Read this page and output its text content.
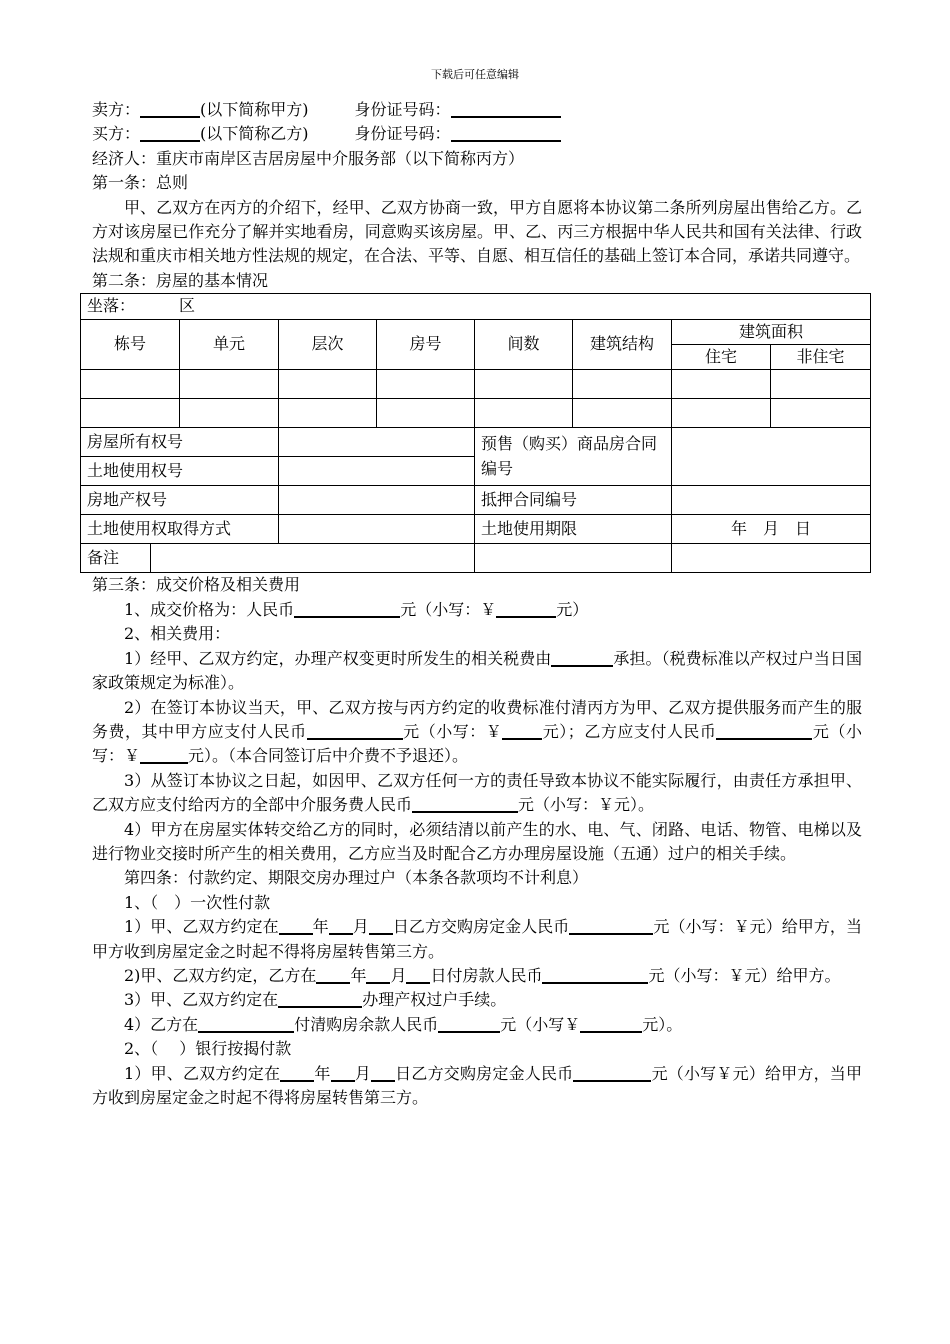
下载后可任意编辑
卖方：	(以下简称甲方)	身份证号码：
买方：	(以下简称乙方)	身份证号码：
经济人：重庆市南岸区吉居房屋中介服务部（以下简称丙方）
第一条：总则
甲、乙双方在丙方的介绍下，经甲、乙双方协商一致，甲方自愿将本协议第二条所列房屋出售给乙方。乙方对该房屋已作充分了解并实地看房，同意购买该房屋。甲、乙、丙三方根据中华人民共和国有关法律、行政法规和重庆市相关地方性法规的规定，在合法、平等、自愿、相互信任的基础上签订本合同，承诺共同遵守。
第二条：房屋的基本情况
坐落： 区								
栋号		单元	层次	房号	间数	建筑结构	建筑面积	
							住宅	非住宅

房屋所有权号					预售（购买）商品房合同编号			
土地使用权号								
房地产权号					抵押合同编号			
土地使用权取得方式					土地使用期限		年　月　日	
备注								
第三条：成交价格及相关费用
1、成交价格为：人民币	元（小写：￥	元）
2、相关费用：
1）经甲、乙双方约定，办理产权变更时所发生的相关税费由	承担。（税费标准以产权过户当日国家政策规定为标准）。
2）在签订本协议当天，甲、乙双方按与丙方约定的收费标准付清丙方为甲、乙双方提供服务而产生的服务费，其中甲方应支付人民币	元（小写：￥	元）；乙方应支付人民币	元（小写：￥	元）。（本合同签订后中介费不予退还）。
3）从签订本协议之日起，如因甲、乙双方任何一方的责任导致本协议不能实际履行，由责任方承担甲、乙双方应支付给丙方的全部中介服务费人民币	元（小写：￥元）。
4）甲方在房屋实体转交给乙方的同时，必须结清以前产生的水、电、气、闭路、电话、物管、电梯以及进行物业交接时所产生的相关费用，乙方应当及时配合乙方办理房屋设施（五通）过户的相关手续。
第四条：付款约定、期限交房办理过户（本条各款项均不计利息）
1、（　）一次性付款
1）甲、乙双方约定在 年 月 日乙方交购房定金人民币	元（小写：￥元）给甲方，当甲方收到房屋定金之时起不得将房屋转售第三方。
2)甲、乙双方约定，乙方在 年 月 日付房款人民币	元（小写：￥元）给甲方。
3）甲、乙双方约定在	办理产权过户手续。
4）乙方在	付清购房余款人民币	元（小写￥	元）。
2、（　 ）银行按揭付款
1）甲、乙双方约定在 年 月 日乙方交购房定金人民币	元（小写￥元）给甲方，当甲方收到房屋定金之时起不得将房屋转售第三方。
